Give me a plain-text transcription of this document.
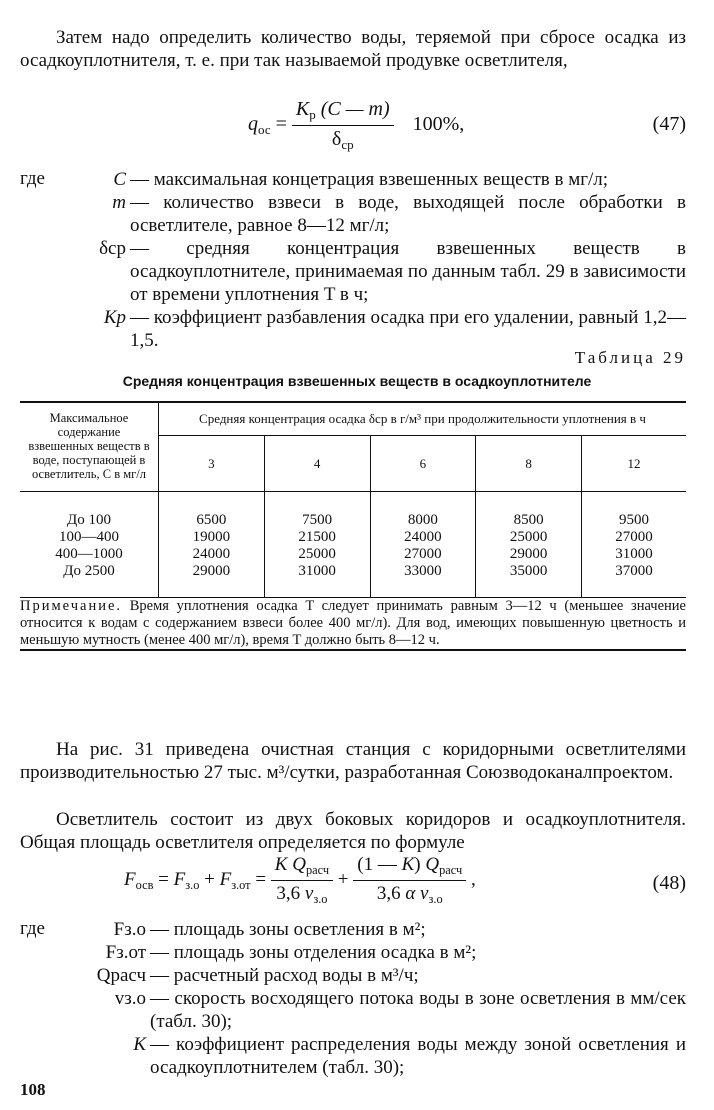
Затем надо определить количество воды, теряемой при сбросе осадка из осадкоуплотнителя, т. е. при так называемой продувке осветлителя,
$q_{ос} = \frac{K_р (C — m)}{\delta_{ср}} 100\%$,	(47)
где	C — максимальная концетрация взвешенных веществ в мг/л;
m — количество взвеси в воде, выходящей после обработки в осветлителе, равное 8—12 мг/л;
δср — средняя концентрация взвешенных веществ в осадкоуплотнителе, принимаемая по данным табл. 29 в зависимости от времени уплотнения T в ч;
Kр — коэффициент разбавления осадка при его удалении, равный 1,2—1,5.
Таблица 29
Средняя концентрация взвешенных веществ в осадкоуплотнителе
Максимальное содержание взвешенных веществ в воде, поступающей в осветлитель, C в мг/л	Средняя концентрация осадка δср в г/м³ при продолжительности уплотнения в ч				
	3	4	6	8	12

До 100	6500	7500	8000	8500	9500
100—400	19000	21500	24000	25000	27000
400—1000	24000	25000	27000	29000	31000
До 2500	29000	31000	33000	35000	37000

Примечание. Время уплотнения осадка T следует принимать равным 3—12 ч (меньшее значение относится к водам с содержанием взвеси более 400 мг/л). Для вод, имеющих повышенную цветность и меньшую мутность (менее 400 мг/л), время T должно быть 8—12 ч.					
На рис. 31 приведена очистная станция с коридорными осветлителями производительностью 27 тыс. м³/сутки, разработанная Союзводоканалпроектом.
Осветлитель состоит из двух боковых коридоров и осадкоуплотнителя. Общая площадь осветлителя определяется по формуле
$F_{осв} = F_{з.о} + F_{з.от} = \frac{K Q_{расч}}{3,6 v_{з.о}} + \frac{(1 — K) Q_{расч}}{3,6 \alpha v_{з.о}}$ ,	(48)
где	Fз.о — площадь зоны осветления в м²;
Fз.от — площадь зоны отделения осадка в м²;
Qрасч — расчетный расход воды в м³/ч;
vз.о — скорость восходящего потока воды в зоне осветления в мм/сек (табл. 30);
K — коэффициент распределения воды между зоной осветления и осадкоуплотнителем (табл. 30);
108
